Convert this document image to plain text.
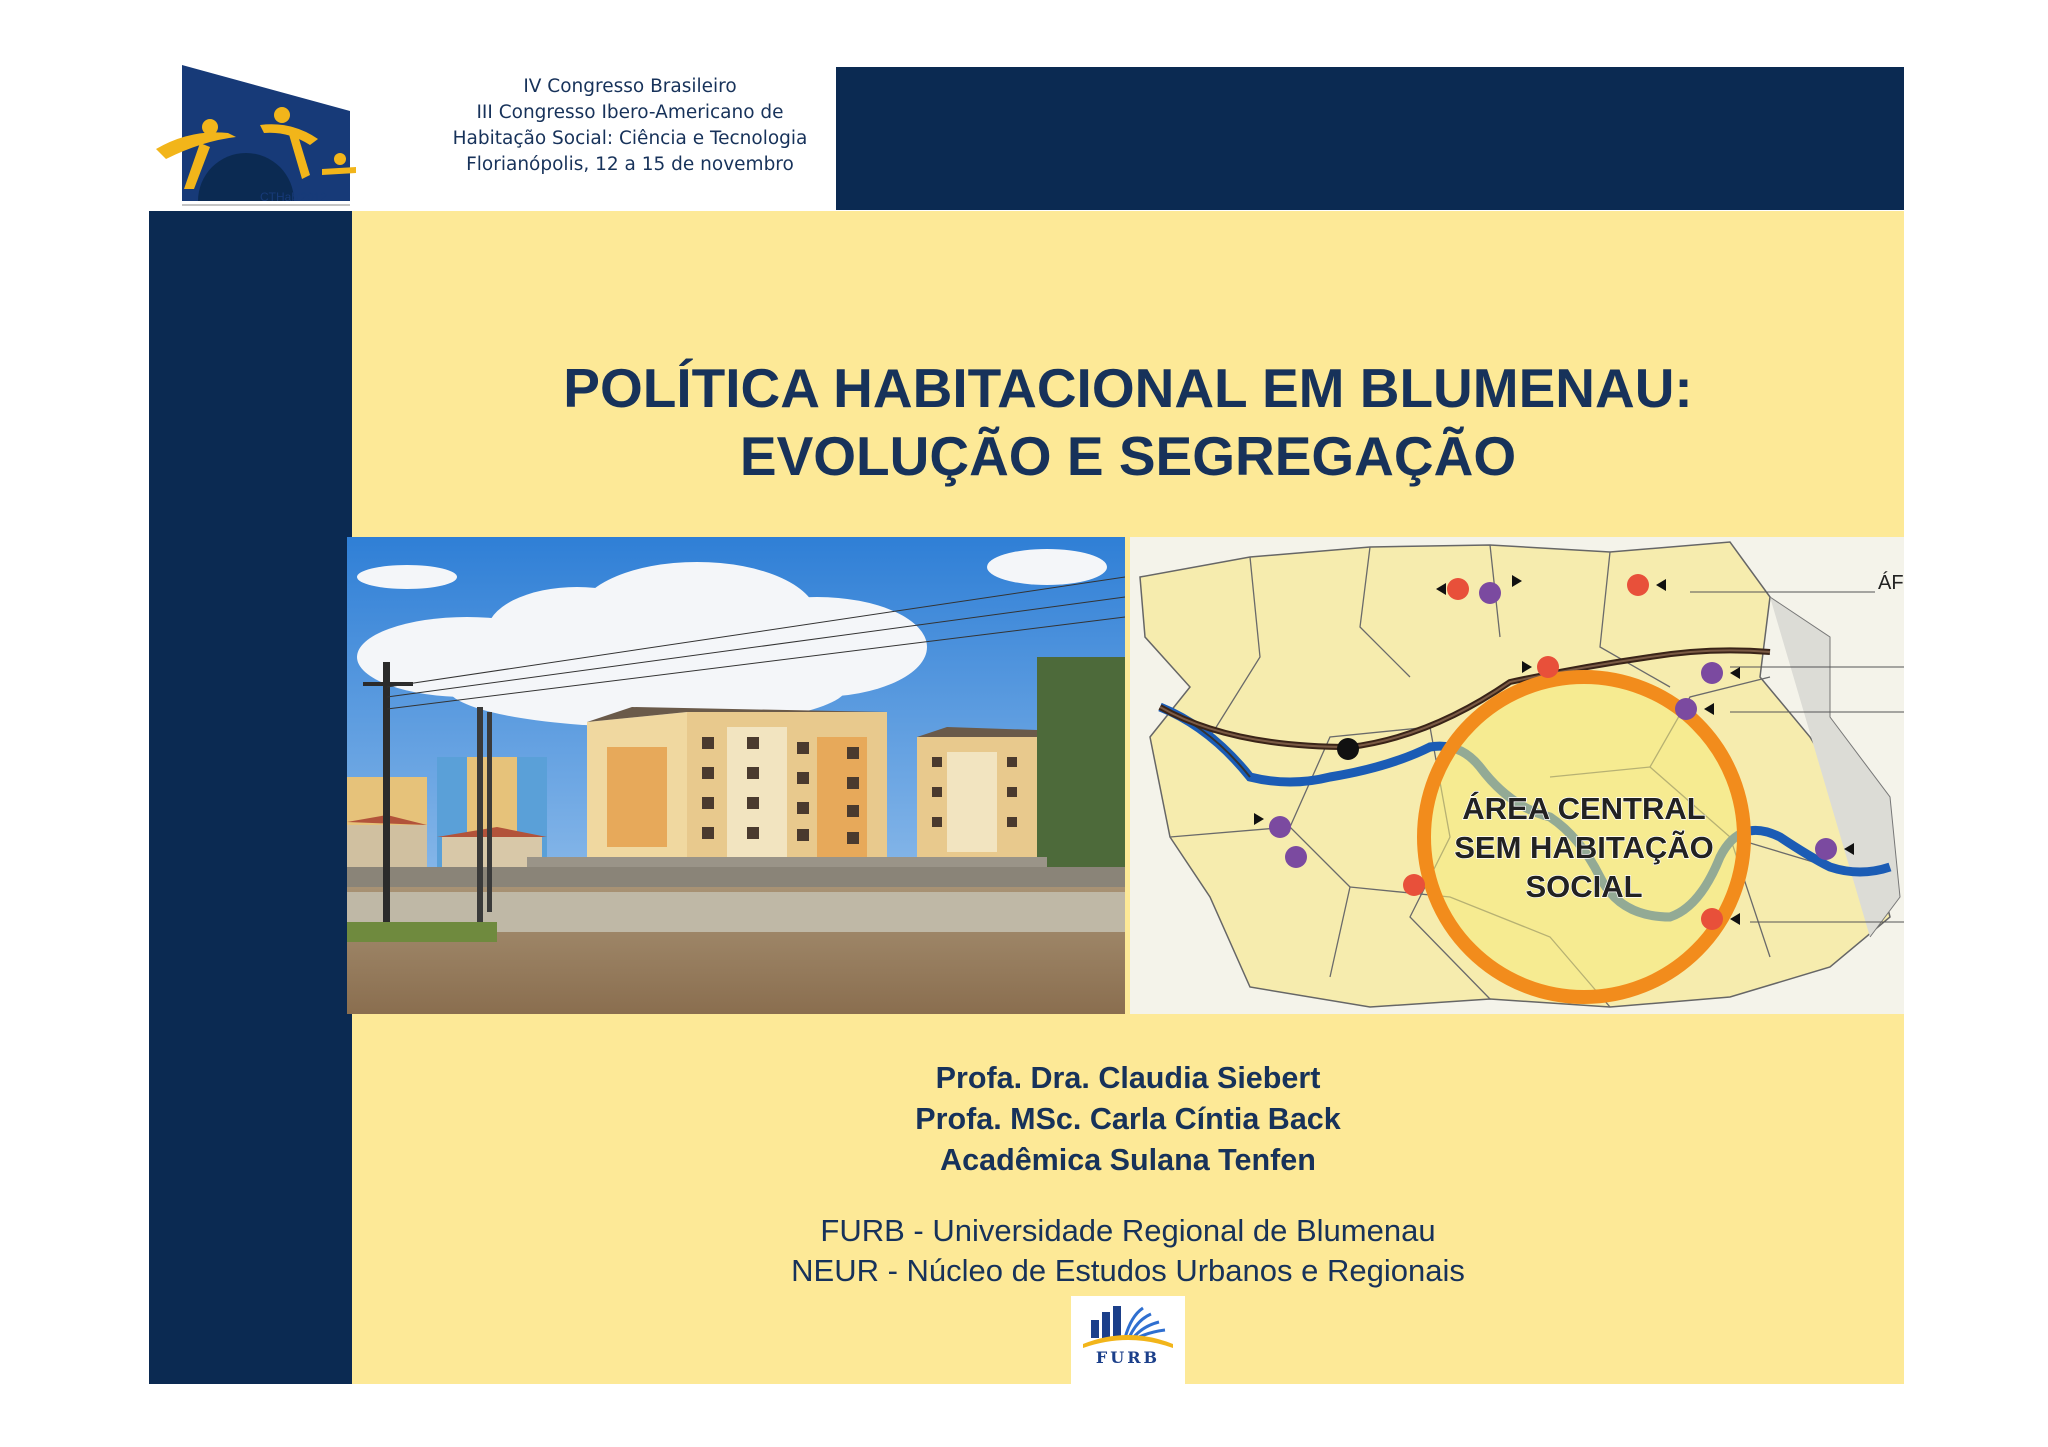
CTHab'2012
IV Congresso Brasileiro
III Congresso Ibero-Americano de
Habitação Social: Ciência e Tecnologia
Florianópolis, 12 a 15 de novembro
POLÍTICA HABITACIONAL EM BLUMENAU:
EVOLUÇÃO E SEGREGAÇÃO
ÁREA CENTRAL
SEM HABITAÇÃO
SOCIAL
ÁF
Profa. Dra. Claudia Siebert
Profa. MSc. Carla Cíntia Back
Acadêmica Sulana Tenfen
FURB - Universidade Regional de Blumenau
NEUR - Núcleo de Estudos Urbanos e Regionais
FURB
